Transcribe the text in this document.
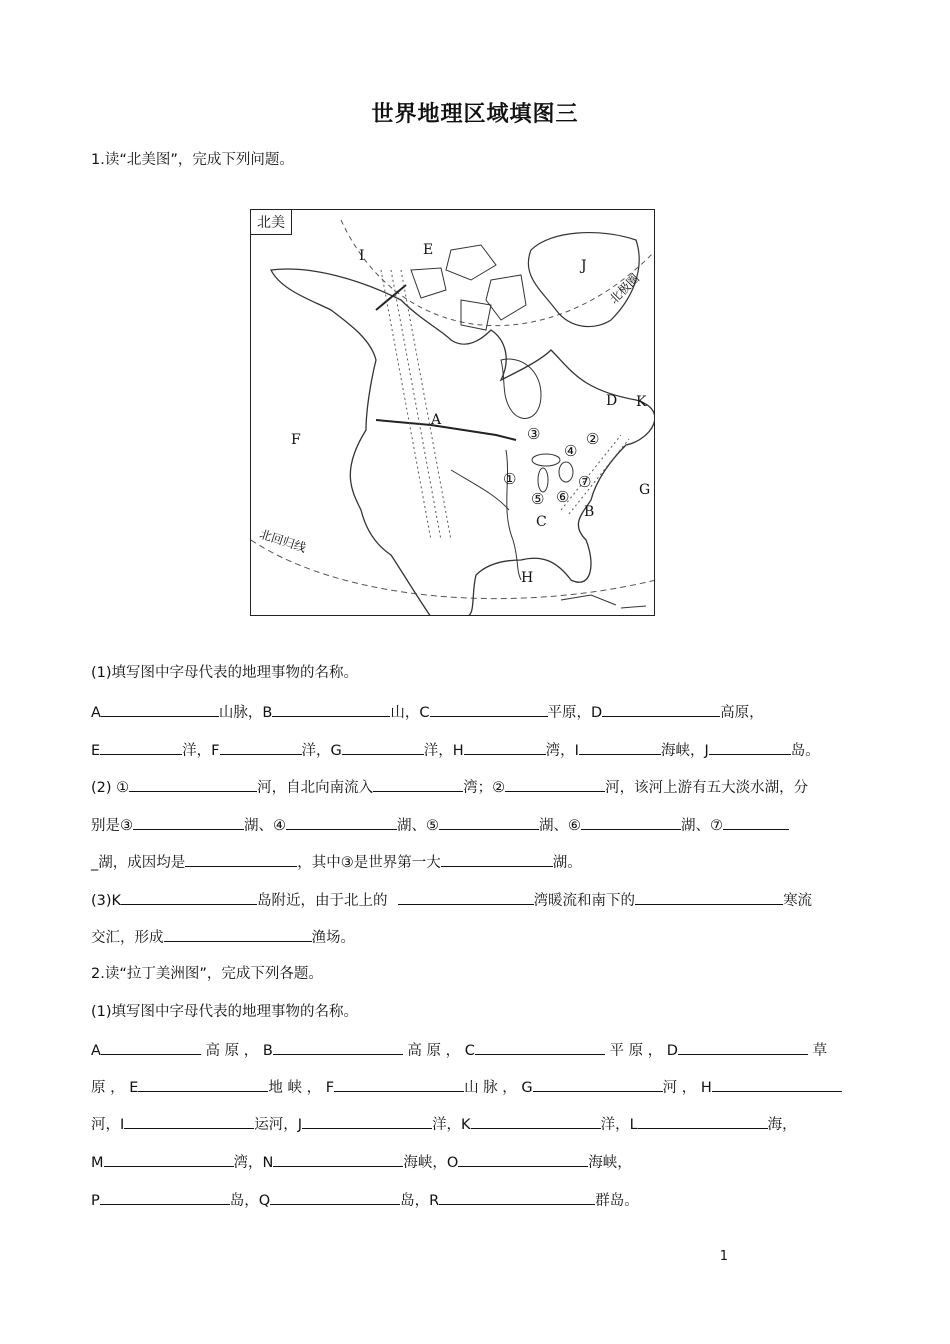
世界地理区域填图三
1.读“北美图”，完成下列问题。
北美
I	E
J
北极圈
D K
A
F
G
C
B
H
北回归线
③	②
④
①	⑦
⑤ ⑥
(1)填写图中字母代表的地理事物的名称。
A	山脉，B	山，C	平原，D	高原，
E	洋，F	洋，G	洋，H	湾，I	海峡，J	岛。
(2) ①	河，自北向南流入	湾；②	河，该河上游有五大淡水湖，分
别是③	湖、④	湖、⑤	湖、⑥	湖、⑦
_湖，成因均是	，其中③是世界第一大	湖。
(3)K	岛附近，由于北上的	湾暖流和南下的	寒流
交汇，形成	渔场。
2.读“拉丁美洲图”，完成下列各题。
(1)填写图中字母代表的地理事物的名称。
A	高 原 ， B	高 原 ， C	平 原 ， D	草
原 ， E	地 峡 ， F	山 脉 ， G	河 ， H
河，I	运河，J	洋，K	洋，L	海，
M	湾，N	海峡，O	海峡，
P	岛，Q	岛，R	群岛。
1
